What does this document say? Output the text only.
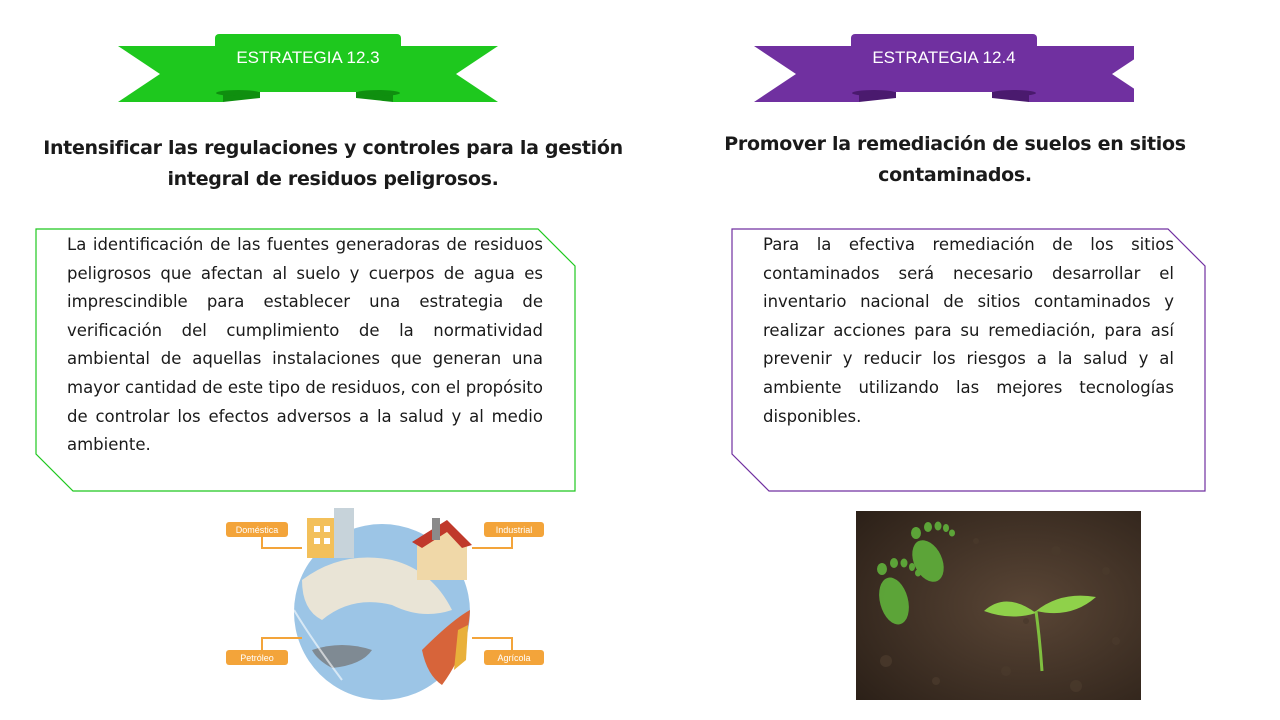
ESTRATEGIA 12.3	ESTRATEGIA 12.4
Intensificar las regulaciones y controles para la gestión integral de residuos peligrosos.
Promover la remediación de suelos en sitios contaminados.
La identificación de las fuentes generadoras de residuos peligrosos que afectan al suelo y cuerpos de agua es imprescindible para establecer una estrategia de verificación del cumplimiento de la normatividad ambiental de aquellas instalaciones que generan una mayor cantidad de este tipo de residuos, con el propósito de controlar los efectos adversos a la salud y al medio ambiente.
Para la efectiva remediación de los sitios contaminados será necesario desarrollar el inventario nacional de sitios contaminados y realizar acciones para su remediación, para así prevenir y reducir los riesgos a la salud y al ambiente utilizando las mejores tecnologías disponibles.
Doméstica	Industrial
Petróleo	Agrícola
